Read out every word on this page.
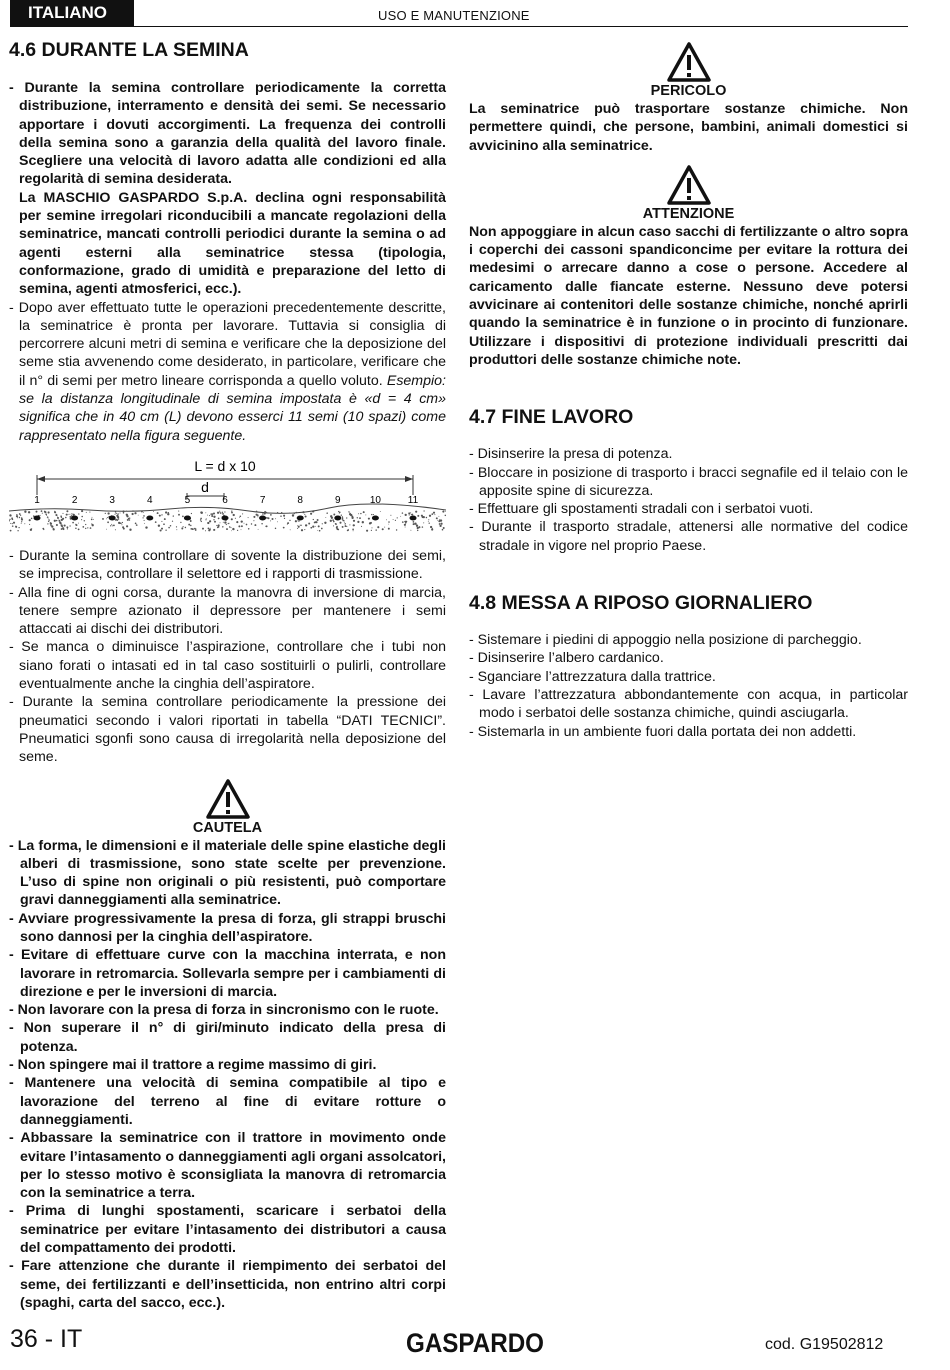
ITALIANO	USO E MANUTENZIONE
4.6 DURANTE LA SEMINA

- Durante la semina controllare periodicamente la corretta distribuzione, interramento e densità dei semi. Se necessario apportare i dovuti accorgimenti. La frequenza dei controlli della semina sono a garanzia della qualità del lavoro finale. Scegliere una velocità di lavoro adatta alle condizioni ed alla regolarità di semina desiderata.

La MASCHIO GASPARDO S.p.A. declina ogni responsabilità per semine irregolari riconducibili a mancate regolazioni della seminatrice, mancati controlli periodici durante la semina o ad agenti esterni alla seminatrice stessa (tipologia, conformazione, grado di umidità e preparazione del letto di semina, agenti atmosferici, ecc.).

- Dopo aver effettuato tutte le operazioni precedentemente descritte, la seminatrice è pronta per lavorare. Tuttavia si consiglia di percorrere alcuni metri di semina e verificare che la deposizione del seme stia avvenendo come desiderato, in particolare, verificare che il n° di semi per metro lineare corrisponda a quello voluto. Esempio: se la distanza longitudinale di semina impostata è «d = 4 cm» significa che in 40 cm (L) devono esserci 11 semi (10 spazi) come rappresentato nella figura seguente.

L = d x 10
d
1	2	3	4	5	6	7	8	9	10	11

- Durante la semina controllare di sovente la distribuzione dei semi, se imprecisa, controllare il selettore ed i rapporti di trasmissione.

- Alla fine di ogni corsa, durante la manovra di inversione di marcia, tenere sempre azionato il depressore per mantenere i semi attaccati ai dischi dei distributori.

- Se manca o diminuisce l’aspirazione, controllare che i tubi non siano forati o intasati ed in tal caso sostituirli o pulirli, controllare eventualmente anche la cinghia dell’aspiratore.

- Durante la semina controllare periodicamente la pressione dei pneumatici secondo i valori riportati in tabella “DATI TECNICI”. Pneumatici sgonfi sono causa di irregolarità nella deposizione del seme.

CAUTELA

- La forma, le dimensioni e il materiale delle spine elastiche degli alberi di trasmissione, sono state scelte per prevenzione. L’uso di spine non originali o più resistenti, può comportare gravi danneggiamenti alla seminatrice.

- Avviare progressivamente la presa di forza, gli strappi bruschi sono dannosi per la cinghia dell’aspiratore.

- Evitare di effettuare curve con la macchina interrata, e non lavorare in retromarcia. Sollevarla sempre per i cambiamenti di direzione e per le inversioni di marcia.

- Non lavorare con la presa di forza in sincronismo con le ruote.

- Non superare il n° di giri/minuto indicato della presa di potenza.

- Non spingere mai il trattore a regime massimo di giri.

- Mantenere una velocità di semina compatibile al tipo e lavorazione del terreno al fine di evitare rotture o danneggiamenti.

- Abbassare la seminatrice con il trattore in movimento onde evitare l’intasamento o danneggiamenti agli organi assolcatori, per lo stesso motivo è sconsigliata la manovra di retromarcia con la seminatrice a terra.

- Prima di lunghi spostamenti, scaricare i serbatoi della seminatrice per evitare l’intasamento dei distributori a causa del compattamento dei prodotti.

- Fare attenzione che durante il riempimento dei serbatoi del seme, dei fertilizzanti e dell’insetticida, non entrino altri corpi (spaghi, carta del sacco, ecc.).

PERICOLO

La seminatrice può trasportare sostanze chimiche. Non permettere quindi, che persone, bambini, animali domestici si avvicinino alla seminatrice.

ATTENZIONE

Non appoggiare in alcun caso sacchi di fertilizzante o altro sopra i coperchi dei cassoni spandiconcime per evitare la rottura dei medesimi o arrecare danno a cose o persone. Accedere al caricamento dalle fiancate esterne. Nessuno deve potersi avvicinare ai contenitori delle sostanze chimiche, nonché aprirli quando la seminatrice è in funzione o in procinto di funzionare. Utilizzare i dispositivi di protezione individuali prescritti dai produttori delle sostanze chimiche note.

4.7 FINE LAVORO

- Disinserire la presa di potenza.

- Bloccare in posizione di trasporto i bracci segnafile ed il telaio con le apposite spine di sicurezza.

- Effettuare gli spostamenti stradali con i serbatoi vuoti.

- Durante il trasporto stradale, attenersi alle normative del codice stradale in vigore nel proprio Paese.

4.8 MESSA A RIPOSO GIORNALIERO

- Sistemare i piedini di appoggio nella posizione di parcheggio.

- Disinserire l’albero cardanico.

- Sganciare l’attrezzatura dalla trattrice.

- Lavare l’attrezzatura abbondantemente con acqua, in particolar modo i serbatoi delle sostanza chimiche, quindi asciugarla.

- Sistemarla in un ambiente fuori dalla portata dei non addetti.

36 - IT	GASPARDO	cod. G19502812
